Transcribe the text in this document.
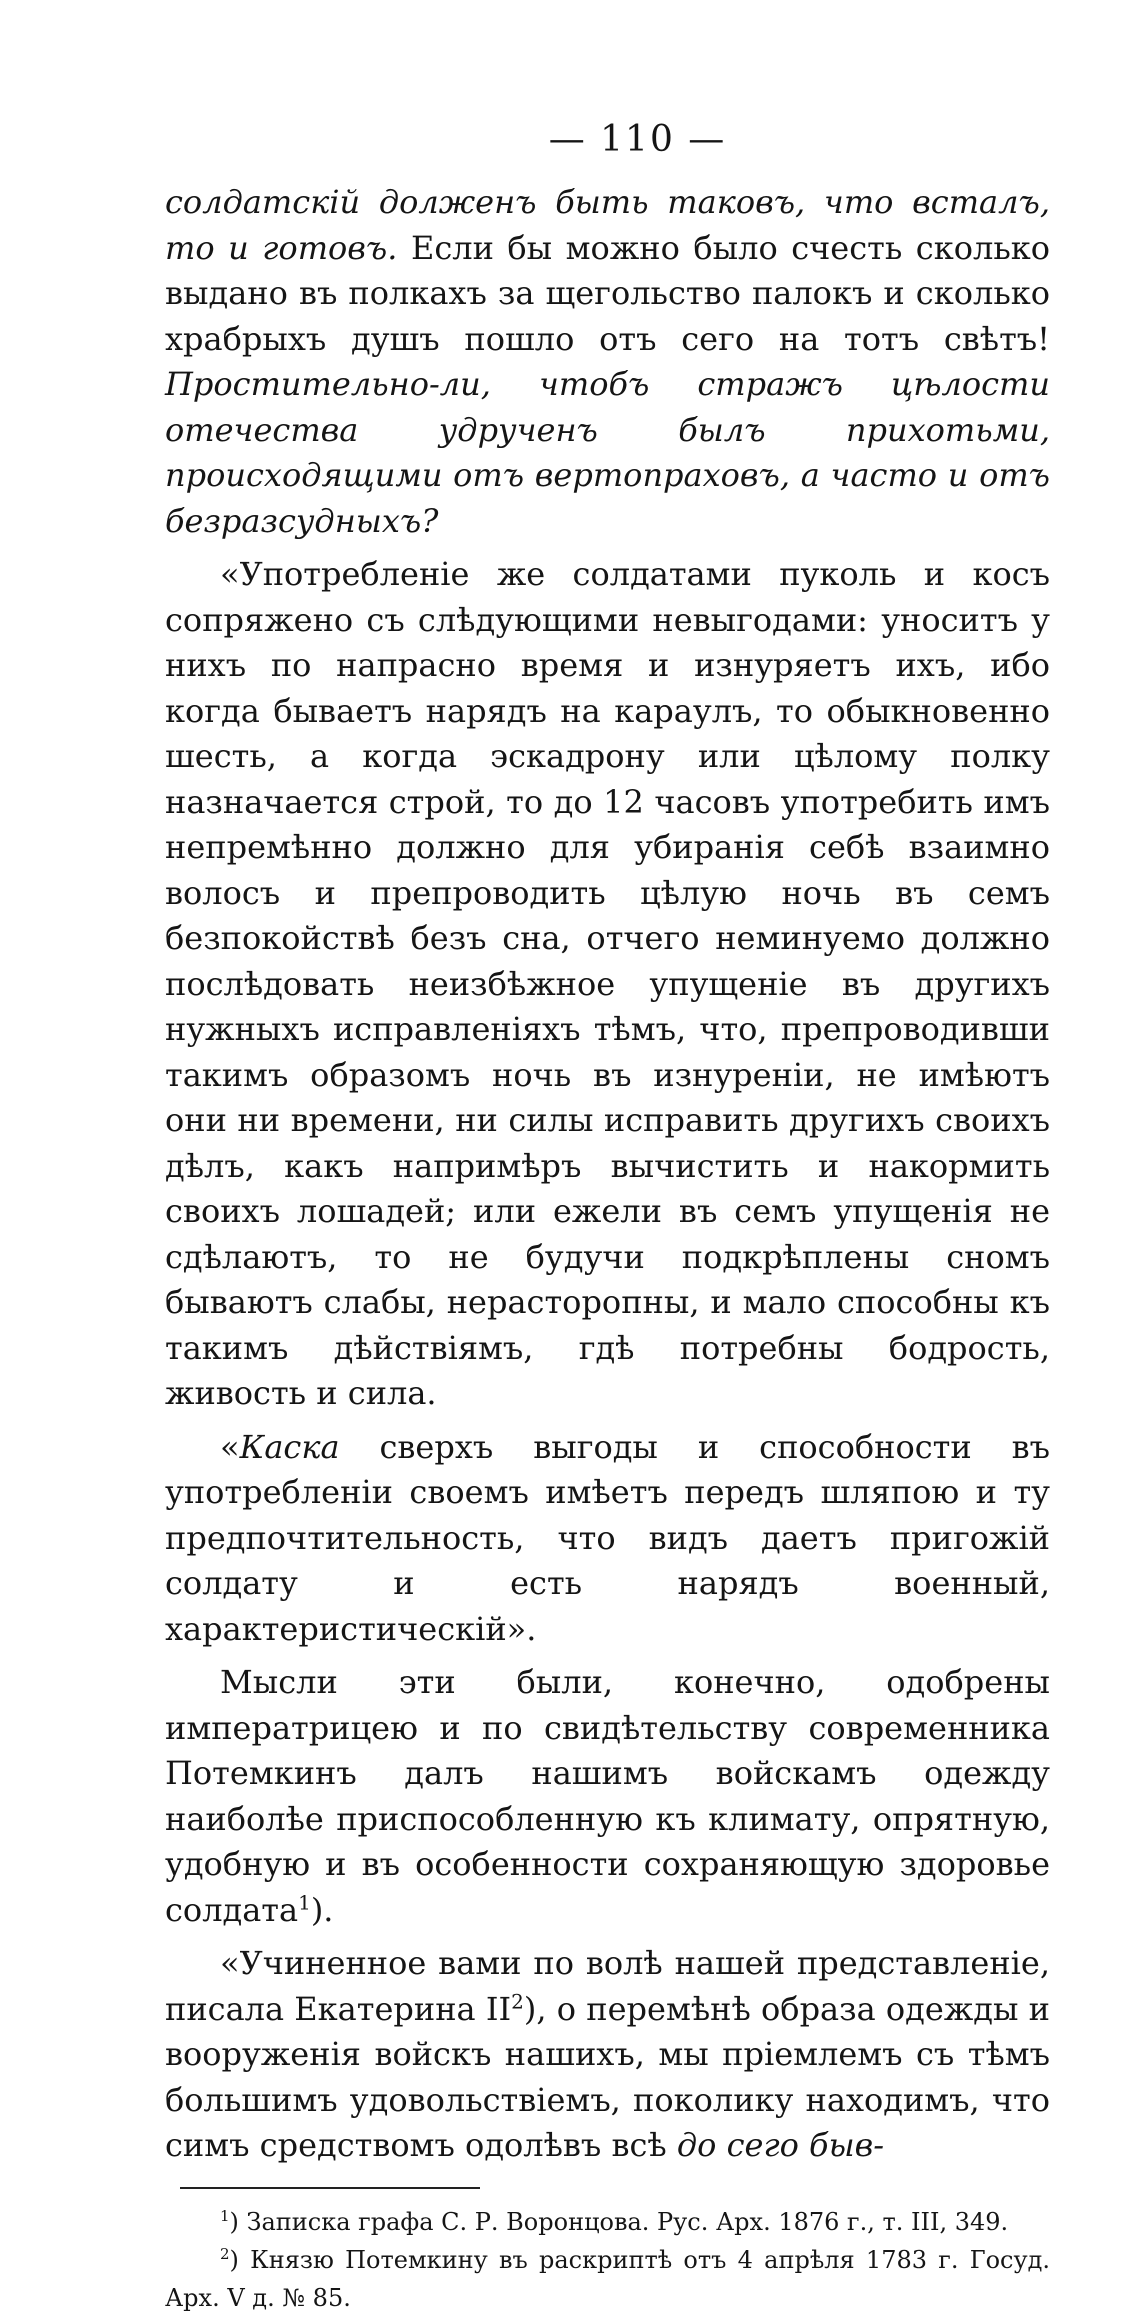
— 110 —

солдатскій долженъ быть таковъ, что всталъ, то и готовъ. Если бы можно было счесть сколько выдано въ полкахъ за щегольство палокъ и сколько храбрыхъ душъ пошло отъ сего на тотъ свѣтъ! Простительно-ли, чтобъ стражъ цѣлости отечества удрученъ былъ прихотьми, происходящими отъ вертопраховъ, а часто и отъ безразсудныхъ?

«Употребленіе же солдатами пуколь и косъ сопряжено съ слѣдующими невыгодами: уноситъ у нихъ по напрасно время и изнуряетъ ихъ, ибо когда бываетъ нарядъ на караулъ, то обыкновенно шесть, а когда эскадрону или цѣлому полку назначается строй, то до 12 часовъ употребить имъ непремѣнно должно для убиранія себѣ взаимно волосъ и препроводить цѣлую ночь въ семъ безпокойствѣ безъ сна, отчего неминуемо должно послѣдовать неизбѣжное упущеніе въ другихъ нужныхъ исправленіяхъ тѣмъ, что, препроводивши такимъ образомъ ночь въ изнуреніи, не имѣютъ они ни времени, ни силы исправить другихъ своихъ дѣлъ, какъ напримѣръ вычистить и накормить своихъ лошадей; или ежели въ семъ упущенія не сдѣлаютъ, то не будучи подкрѣплены сномъ бываютъ слабы, нерасторопны, и мало способны къ такимъ дѣйствіямъ, гдѣ потребны бодрость, живость и сила.

«Каска сверхъ выгоды и способности въ употребленіи своемъ имѣетъ передъ шляпою и ту предпочтительность, что видъ даетъ пригожій солдату и есть нарядъ военный, характеристическій».

Мысли эти были, конечно, одобрены императрицею и по свидѣтельству современника Потемкинъ далъ нашимъ войскамъ одежду наиболѣе приспособленную къ климату, опрятную, удобную и въ особенности сохраняющую здоровье солдата$^1$).

«Учиненное вами по волѣ нашей представленіе, писала Екатерина $II^2$), о перемѣнѣ образа одежды и вооруженія войскъ нашихъ, мы пріемлемъ съ тѣмъ большимъ удовольствіемъ, поколику находимъ, что симъ средствомъ одолѣвъ всѣ до сего быв-

$^1$) Записка графа С. Р. Воронцова. Рус. Арх. 1876 г., т. III, 349.

$^2$) Князю Потемкину въ раскриптѣ отъ 4 апрѣля 1783 г. Госуд. Арх. V д. № 85.
